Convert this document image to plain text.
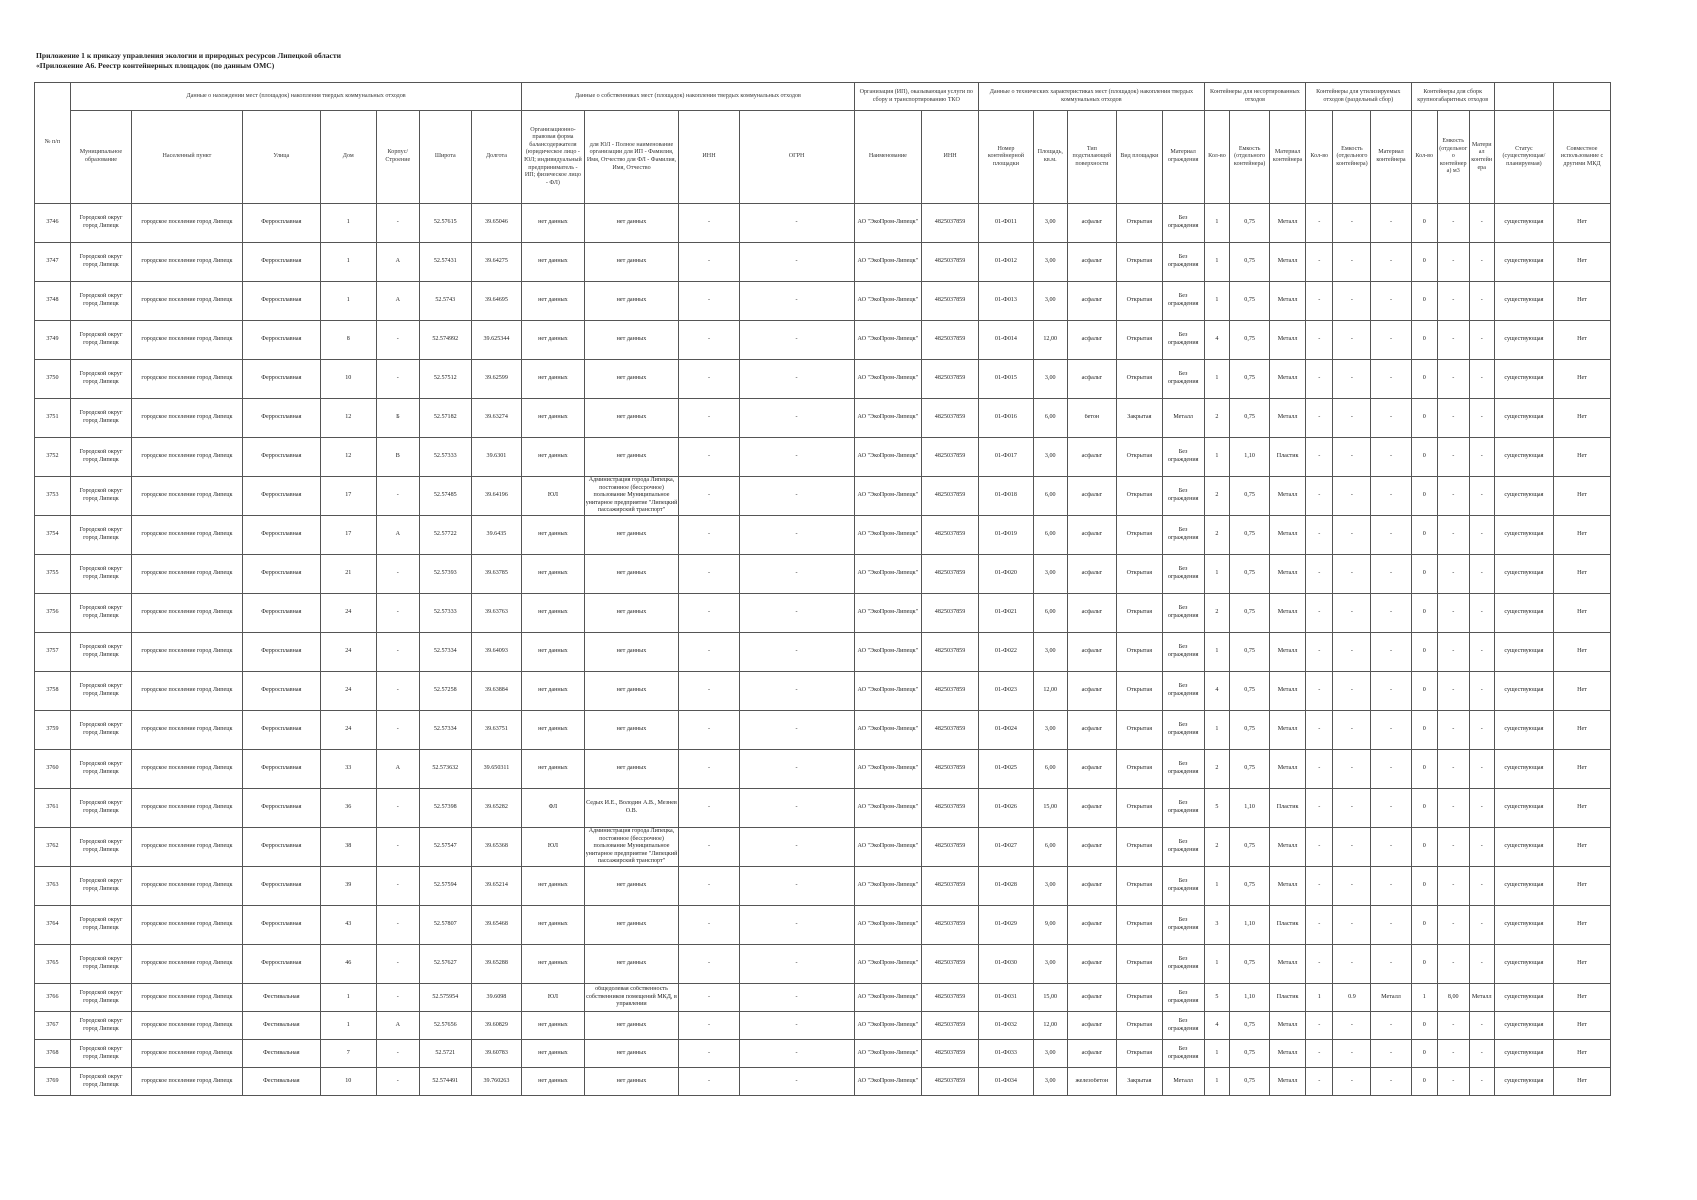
Приложение 1 к приказу управления экологии и природных ресурсов Липецкой области
«Приложение А6. Реестр контейнерных площадок (по данным ОМС)
№ п/п	Данные о нахождении мест (площадок) накопления твердых коммунальных отходов							Данные о собственниках мест (площадок) накопления твердых коммунальных отходов				Организация (ИП), оказывающая услуги по сбору и транспортированию ТКО		Данные о технических характеристиках мест (площадок) накопления твердых коммунальных отходов					Контейнеры для несортированных отходов			Контейнеры для утилизируемых отходов (раздельный сбор)			Контейнеры для сборк крупногабаритных отходов				
	Муниципальное образование	Населенный пункт	Улица	Дом	Корпус/Строение	Широта	Долгота	Организационно-правовая форма балансодержателя (юридическое лицо - ЮЛ; индивидуальный предприниматель - ИП; физическое лицо - ФЛ)	для ЮЛ - Полное наименование организации для ИП - Фамилия, Имя, Отчество для ФЛ - Фамилия, Имя, Отчество	ИНН	ОГРН	Наименование	ИНН	Номер контейнерной площадки	Площадь, кв.м.	Тип подстилающей поверхности	Вид площадки	Материал ограждения	Кол-во	Емкость (отдельного контейнера)	Материал контейнера	Кол-во	Емкость (отдельного контейнера)	Материал контейнера	Кол-во	Емкость (отдельного контейнера) м3	Материал контейнера	Статус (существующая/ планируемая)	Совместное использование с другими МКД

3746	Городской округ город Липецк	городское поселение город Липецк	Ферросплавная	1	-	52.57615	39.65046	нет данных	нет данных	-	-	АО "ЭкоПром-Липецк"	4825037859	01-Ф011	3,00	асфальт	Открытая	Без ограждения	1	0,75	Металл	-	-	-	0	-	-	существующая	Нет

3747	Городской округ город Липецк	городское поселение город Липецк	Ферросплавная	1	А	52.57431	39.64275	нет данных	нет данных	-	-	АО "ЭкоПром-Липецк"	4825037859	01-Ф012	3,00	асфальт	Открытая	Без ограждения	1	0,75	Металл	-	-	-	0	-	-	существующая	Нет

3748	Городской округ город Липецк	городское поселение город Липецк	Ферросплавная	1	А	52.5743	39.64695	нет данных	нет данных	-	-	АО "ЭкоПром-Липецк"	4825037859	01-Ф013	3,00	асфальт	Открытая	Без ограждения	1	0,75	Металл	-	-	-	0	-	-	существующая	Нет

3749	Городской округ город Липецк	городское поселение город Липецк	Ферросплавная	8	-	52.574992	39.625344	нет данных	нет данных	-	-	АО "ЭкоПром-Липецк"	4825037859	01-Ф014	12,00	асфальт	Открытая	Без ограждения	4	0,75	Металл	-	-	-	0	-	-	существующая	Нет

3750	Городской округ город Липецк	городское поселение город Липецк	Ферросплавная	10	-	52.57512	39.62599	нет данных	нет данных	-	-	АО "ЭкоПром-Липецк"	4825037859	01-Ф015	3,00	асфальт	Открытая	Без ограждения	1	0,75	Металл	-	-	-	0	-	-	существующая	Нет

3751	Городской округ город Липецк	городское поселение город Липецк	Ферросплавная	12	Б	52.57182	39.63274	нет данных	нет данных	-	-	АО "ЭкоПром-Липецк"	4825037859	01-Ф016	6,00	бетон	Закрытая	Металл	2	0,75	Металл	-	-	-	0	-	-	существующая	Нет

3752	Городской округ город Липецк	городское поселение город Липецк	Ферросплавная	12	В	52.57333	39.6301	нет данных	нет данных	-	-	АО "ЭкоПром-Липецк"	4825037859	01-Ф017	3,00	асфальт	Открытая	Без ограждения	1	1,10	Пластик	-	-	-	0	-	-	существующая	Нет

3753	Городской округ город Липецк	городское поселение город Липецк	Ферросплавная	17	-	52.57485	39.64196	ЮЛ	Администрация города Липецка, постоянное (бессрочное) пользование Муниципальное унитарное предприятие "Липецкий пассажирский транспорт"	-	-	АО "ЭкоПром-Липецк"	4825037859	01-Ф018	6,00	асфальт	Открытая	Без ограждения	2	0,75	Металл	-	-	-	0	-	-	существующая	Нет

3754	Городской округ город Липецк	городское поселение город Липецк	Ферросплавная	17	А	52.57722	39.6435	нет данных	нет данных	-	-	АО "ЭкоПром-Липецк"	4825037859	01-Ф019	6,00	асфальт	Открытая	Без ограждения	2	0,75	Металл	-	-	-	0	-	-	существующая	Нет

3755	Городской округ город Липецк	городское поселение город Липецк	Ферросплавная	21	-	52.57393	39.63785	нет данных	нет данных	-	-	АО "ЭкоПром-Липецк"	4825037859	01-Ф020	3,00	асфальт	Открытая	Без ограждения	1	0,75	Металл	-	-	-	0	-	-	существующая	Нет

3756	Городской округ город Липецк	городское поселение город Липецк	Ферросплавная	24	-	52.57333	39.63763	нет данных	нет данных	-	-	АО "ЭкоПром-Липецк"	4825037859	01-Ф021	6,00	асфальт	Открытая	Без ограждения	2	0,75	Металл	-	-	-	0	-	-	существующая	Нет

3757	Городской округ город Липецк	городское поселение город Липецк	Ферросплавная	24	-	52.57334	39.64093	нет данных	нет данных	-	-	АО "ЭкоПром-Липецк"	4825037859	01-Ф022	3,00	асфальт	Открытая	Без ограждения	1	0,75	Металл	-	-	-	0	-	-	существующая	Нет

3758	Городской округ город Липецк	городское поселение город Липецк	Ферросплавная	24	-	52.57258	39.63884	нет данных	нет данных	-	-	АО "ЭкоПром-Липецк"	4825037859	01-Ф023	12,00	асфальт	Открытая	Без ограждения	4	0,75	Металл	-	-	-	0	-	-	существующая	Нет

3759	Городской округ город Липецк	городское поселение город Липецк	Ферросплавная	24	-	52.57334	39.63751	нет данных	нет данных	-	-	АО "ЭкоПром-Липецк"	4825037859	01-Ф024	3,00	асфальт	Открытая	Без ограждения	1	0,75	Металл	-	-	-	0	-	-	существующая	Нет

3760	Городской округ город Липецк	городское поселение город Липецк	Ферросплавная	33	А	52.573632	39.650311	нет данных	нет данных	-	-	АО "ЭкоПром-Липецк"	4825037859	01-Ф025	6,00	асфальт	Открытая	Без ограждения	2	0,75	Металл	-	-	-	0	-	-	существующая	Нет

3761	Городской округ город Липецк	городское поселение город Липецк	Ферросплавная	36	-	52.57398	39.65282	ФЛ	Седых И.Е., Володин А.В., Мезнев О.В.	-	-	АО "ЭкоПром-Липецк"	4825037859	01-Ф026	15,00	асфальт	Открытая	Без ограждения	5	1,10	Пластик	-	-	-	0	-	-	существующая	Нет

3762	Городской округ город Липецк	городское поселение город Липецк	Ферросплавная	38	-	52.57547	39.65368	ЮЛ	Администрация города Липецка, постоянное (бессрочное) пользование Муниципальное унитарное предприятие "Липецкий пассажирский транспорт"	-	-	АО "ЭкоПром-Липецк"	4825037859	01-Ф027	6,00	асфальт	Открытая	Без ограждения	2	0,75	Металл	-	-	-	0	-	-	существующая	Нет

3763	Городской округ город Липецк	городское поселение город Липецк	Ферросплавная	39	-	52.57594	39.65214	нет данных	нет данных	-	-	АО "ЭкоПром-Липецк"	4825037859	01-Ф028	3,00	асфальт	Открытая	Без ограждения	1	0,75	Металл	-	-	-	0	-	-	существующая	Нет

3764	Городской округ город Липецк	городское поселение город Липецк	Ферросплавная	43	-	52.57807	39.65468	нет данных	нет данных	-	-	АО "ЭкоПром-Липецк"	4825037859	01-Ф029	9,00	асфальт	Открытая	Без ограждения	3	1,10	Пластик	-	-	-	0	-	-	существующая	Нет

3765	Городской округ город Липецк	городское поселение город Липецк	Ферросплавная	46	-	52.57627	39.65288	нет данных	нет данных	-	-	АО "ЭкоПром-Липецк"	4825037859	01-Ф030	3,00	асфальт	Открытая	Без ограждения	1	0,75	Металл	-	-	-	0	-	-	существующая	Нет

3766	Городской округ город Липецк	городское поселение город Липецк	Фестивальная	1	-	52.575954	39.6098	ЮЛ	общедолевая собственность собственников помещений МКД, в управлении	-	-	АО "ЭкоПром-Липецк"	4825037859	01-Ф031	15,00	асфальт	Открытая	Без ограждения	5	1,10	Пластик	1	0.9	Металл	1	8,00	Металл	существующая	Нет

3767	Городской округ город Липецк	городское поселение город Липецк	Фестивальная	1	А	52.57656	39.60829	нет данных	нет данных	-	-	АО "ЭкоПром-Липецк"	4825037859	01-Ф032	12,00	асфальт	Открытая	Без ограждения	4	0,75	Металл	-	-	-	0	-	-	существующая	Нет

3768	Городской округ город Липецк	городское поселение город Липецк	Фестивальная	7	-	52.5721	39.60783	нет данных	нет данных	-	-	АО "ЭкоПром-Липецк"	4825037859	01-Ф033	3,00	асфальт	Открытая	Без ограждения	1	0,75	Металл	-	-	-	0	-	-	существующая	Нет

3769	Городской округ город Липецк	городское поселение город Липецк	Фестивальная	10	-	52.574491	39.760263	нет данных	нет данных	-	-	АО "ЭкоПром-Липецк"	4825037859	01-Ф034	3,00	железобетон	Закрытая	Металл	1	0,75	Металл	-	-	-	0	-	-	существующая	Нет
